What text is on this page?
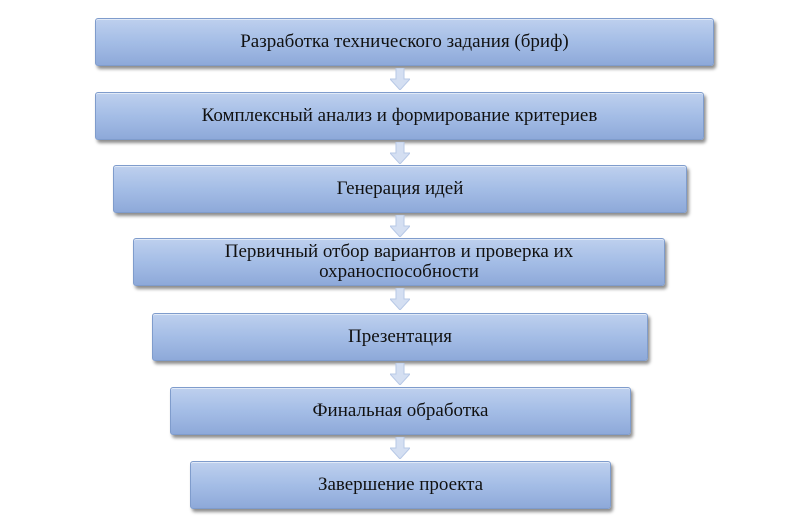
Разработка технического задания (бриф)
Комплексный анализ и формирование критериев
Генерация идей
Первичный отбор вариантов и проверка их охраноспособности
Презентация
Финальная обработка
Завершение проекта
